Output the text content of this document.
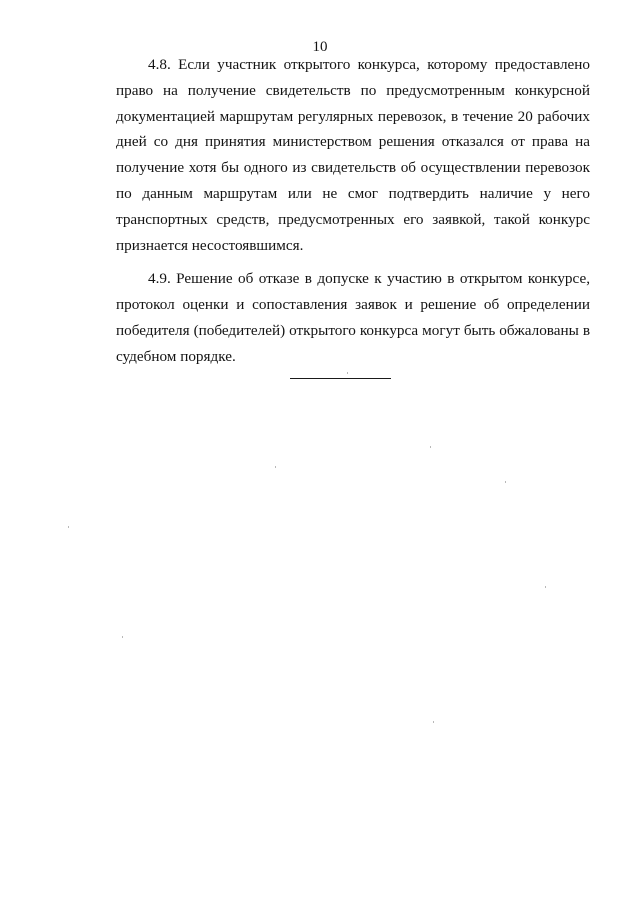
10

4.8. Если участник открытого конкурса, которому предоставлено право на получение свидетельств по предусмотренным конкурсной документацией маршрутам регулярных перевозок, в течение 20 рабочих дней со дня принятия министерством решения отказался от права на получение хотя бы одного из свидетельств об осуществлении перевозок по данным маршрутам или не смог подтвердить наличие у него транспортных средств, предусмотренных его заявкой, такой конкурс признается несостоявшимся.

4.9. Решение об отказе в допуске к участию в открытом конкурсе, протокол оценки и сопоставления заявок и решение об определении победителя (победителей) открытого конкурса могут быть обжалованы в судебном порядке.
